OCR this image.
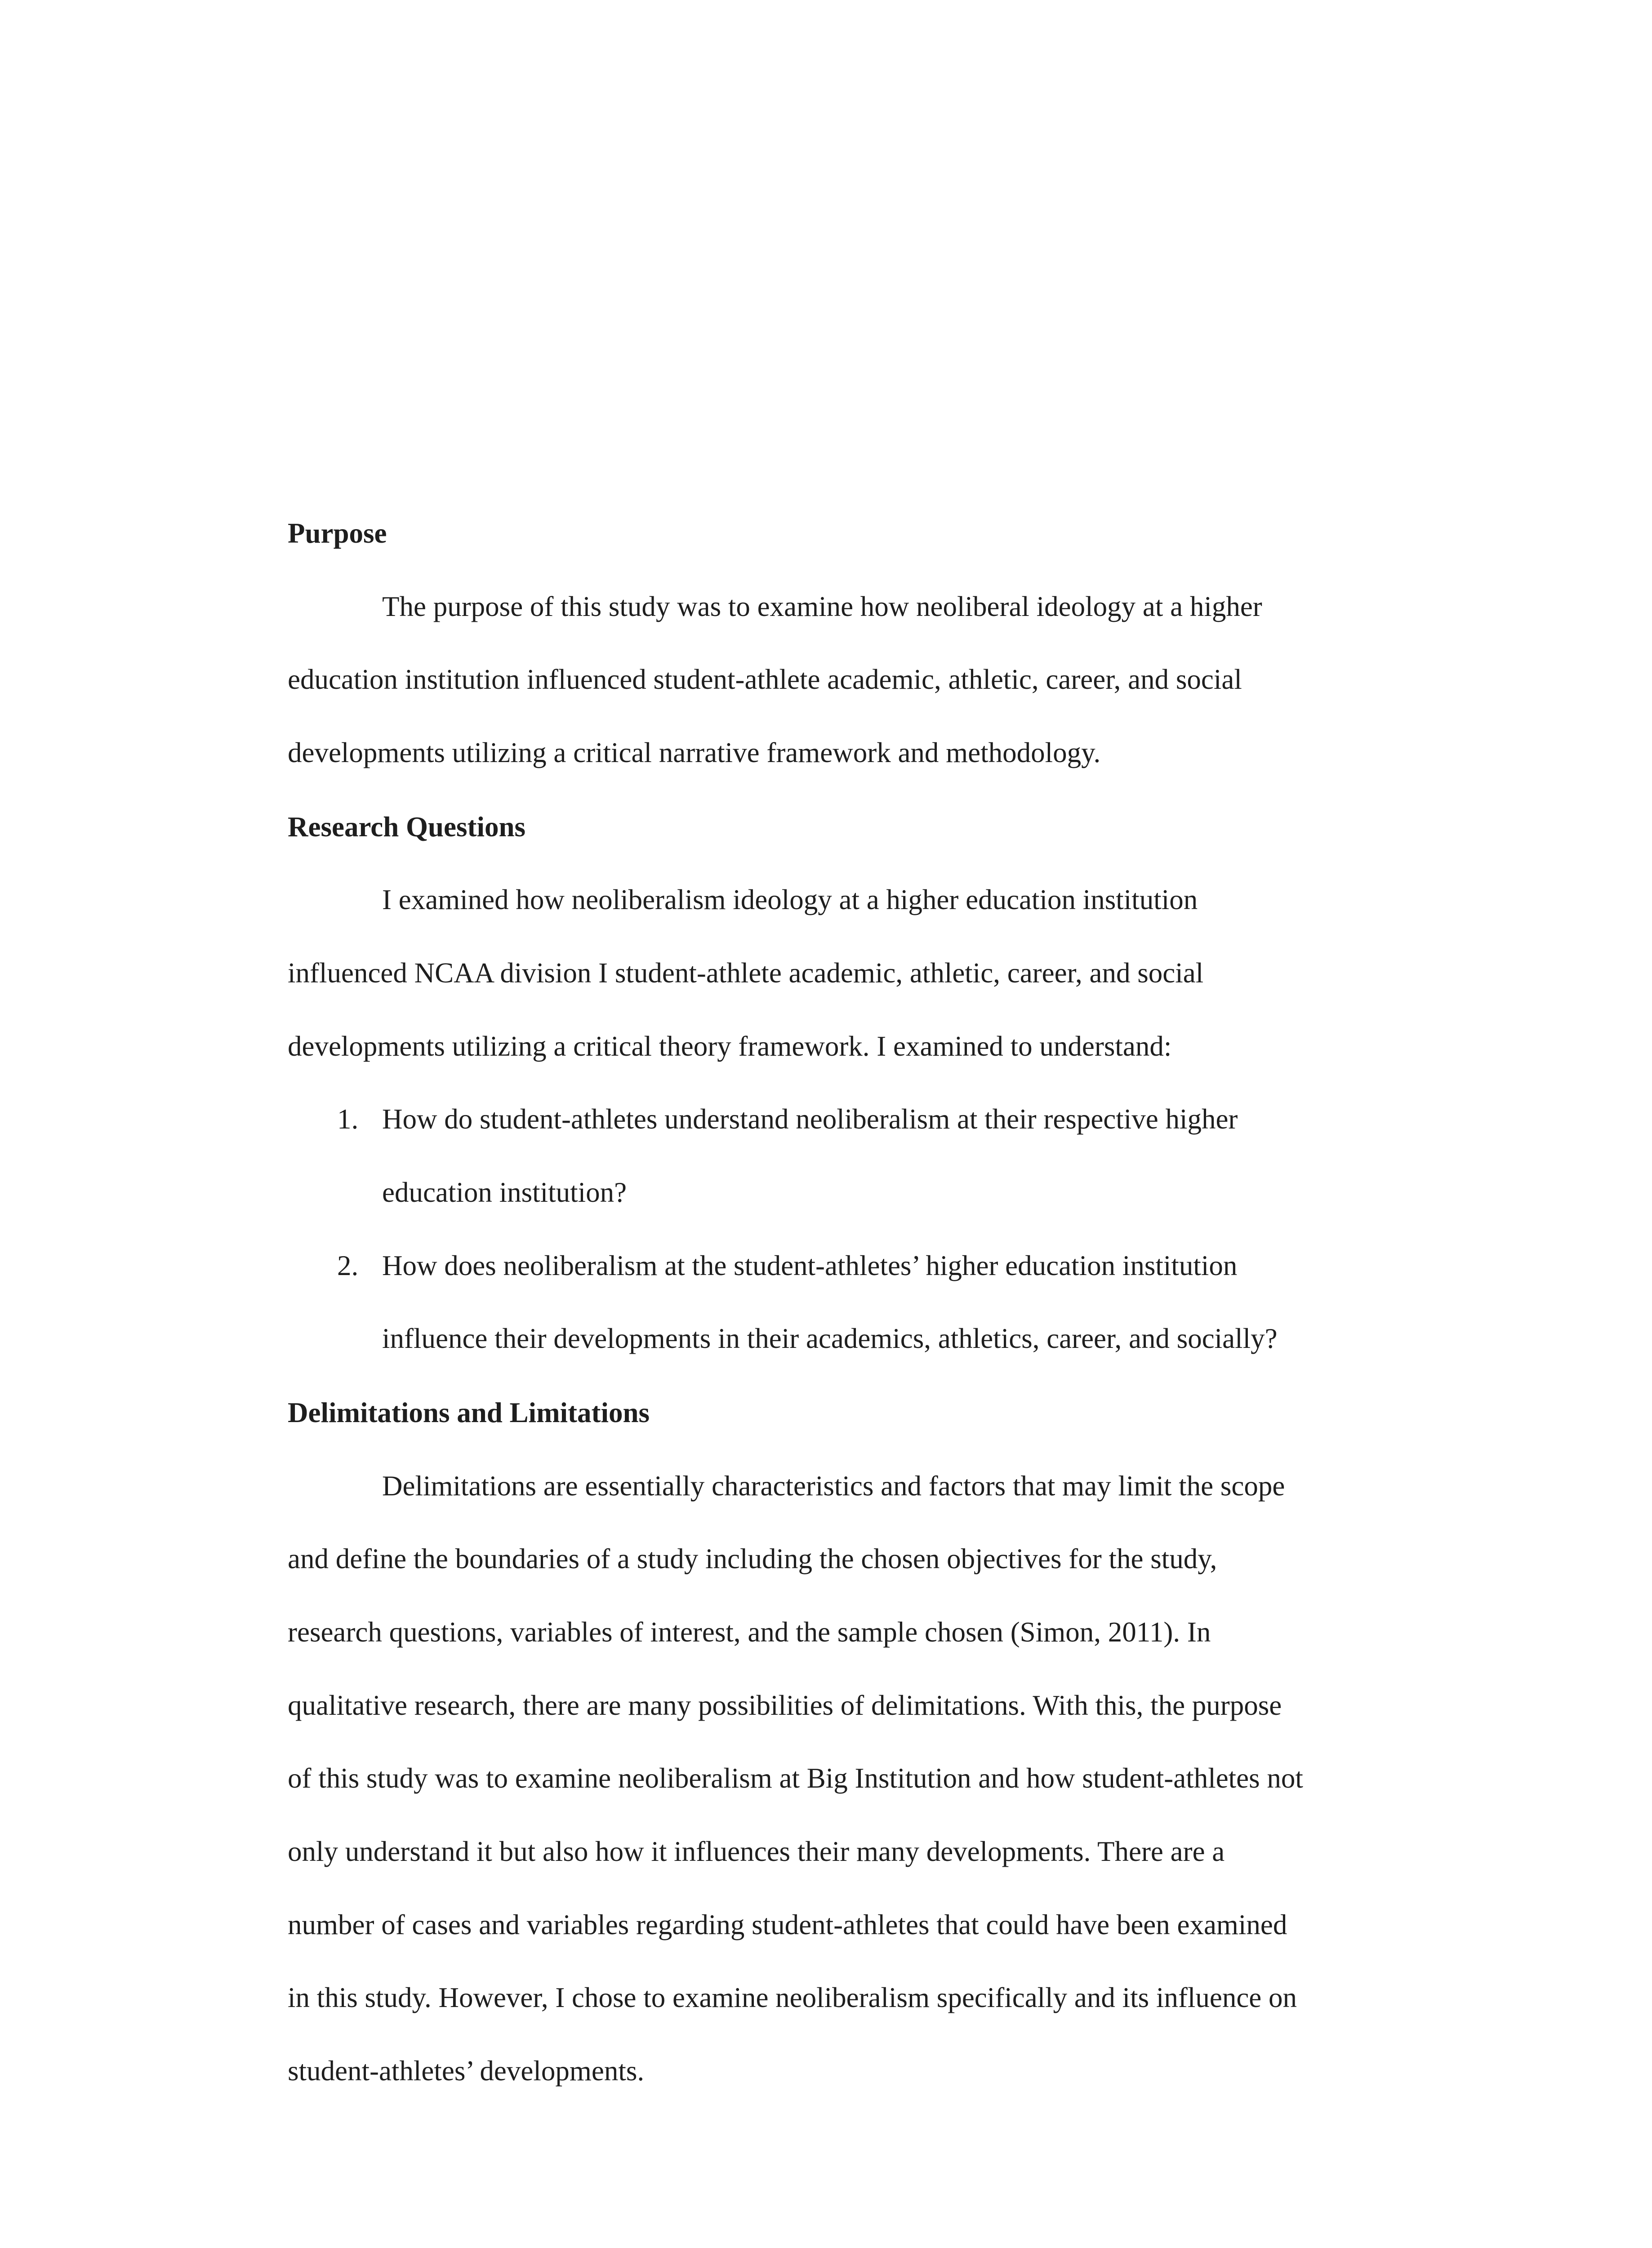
Purpose
The purpose of this study was to examine how neoliberal ideology at a higher
education institution influenced student-athlete academic, athletic, career, and social
developments utilizing a critical narrative framework and methodology.
Research Questions
I examined how neoliberalism ideology at a higher education institution
influenced NCAA division I student-athlete academic, athletic, career, and social
developments utilizing a critical theory framework. I examined to understand:
1. How do student-athletes understand neoliberalism at their respective higher
education institution?
2. How does neoliberalism at the student-athletes’ higher education institution
influence their developments in their academics, athletics, career, and socially?
Delimitations and Limitations
Delimitations are essentially characteristics and factors that may limit the scope
and define the boundaries of a study including the chosen objectives for the study,
research questions, variables of interest, and the sample chosen (Simon, 2011). In
qualitative research, there are many possibilities of delimitations. With this, the purpose
of this study was to examine neoliberalism at Big Institution and how student-athletes not
only understand it but also how it influences their many developments. There are a
number of cases and variables regarding student-athletes that could have been examined
in this study. However, I chose to examine neoliberalism specifically and its influence on
student-athletes’ developments.
